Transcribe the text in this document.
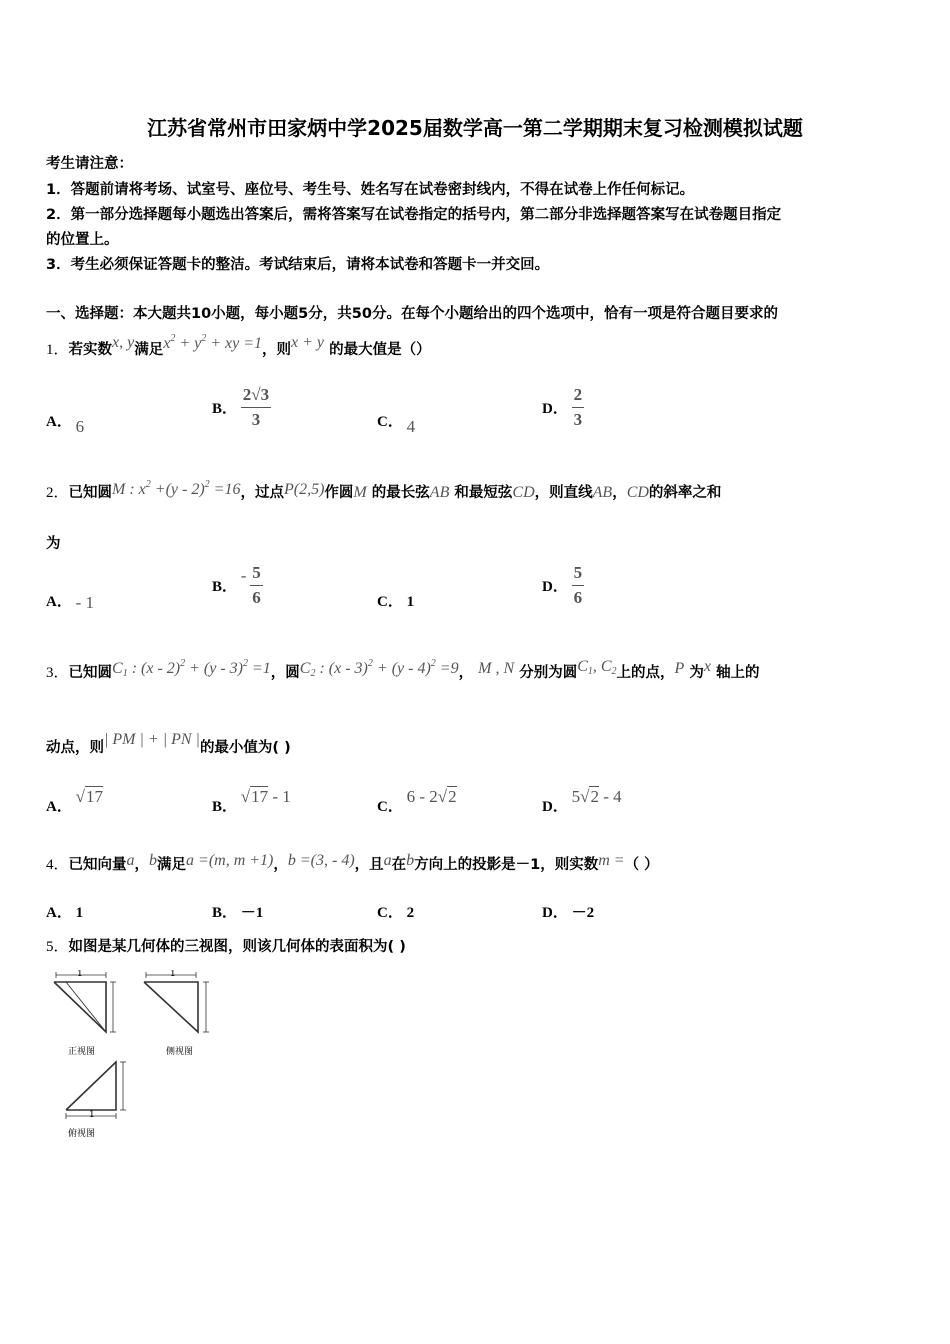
江苏省常州市田家炳中学2025届数学高一第二学期期末复习检测模拟试题
考生请注意：
1．答题前请将考场、试室号、座位号、考生号、姓名写在试卷密封线内，不得在试卷上作任何标记。
2．第一部分选择题每小题选出答案后，需将答案写在试卷指定的括号内，第二部分非选择题答案写在试卷题目指定
的位置上。
3．考生必须保证答题卡的整洁。考试结束后，请将本试卷和答题卡一并交回。
一、选择题：本大题共10小题，每小题5分，共50分。在每个小题给出的四个选项中，恰有一项是符合题目要求的
1．若实数x, y满足$x^2 + y^2$ + xy =1，则x + y 的最大值是（）
A． 6
B． $\frac{2√3}{3}$	C． 4
D． $\frac{2}{3}$
2．已知圆M : $x^2 +(y - 2)^2 =16$，过点P(2,5)作圆M 的最长弦AB 和最短弦CD，则直线AB，CD的斜率之和
为
A． - 1
B． - $\frac{5}{6}$	C． 1
D． $\frac{5}{6}$
3．已知圆$C_1$ : (x - 2)$^2$ + (y - 3)$^2$ =1，圆$C_2$ : (x - 3)$^2$ + (y - 4)$^2$ =9， M , N 分别为圆$C_1$, $C_2$上的点，P 为x 轴上的
动点，则| PM | + | PN |的最小值为( )
A． √17
B． √17 - 1
C． 6 - 2√2
D． 5√2 - 4
4．已知向量a，b满足a =(m, m +1)，b =(3, - 4)，且a在b方向上的投影是－1，则实数m =（ ）
A． 1	B． －1	C． 2	D． －2
5．如图是某几何体的三视图，则该几何体的表面积为( )
正视图
1
侧视图
1
俯视图
1
